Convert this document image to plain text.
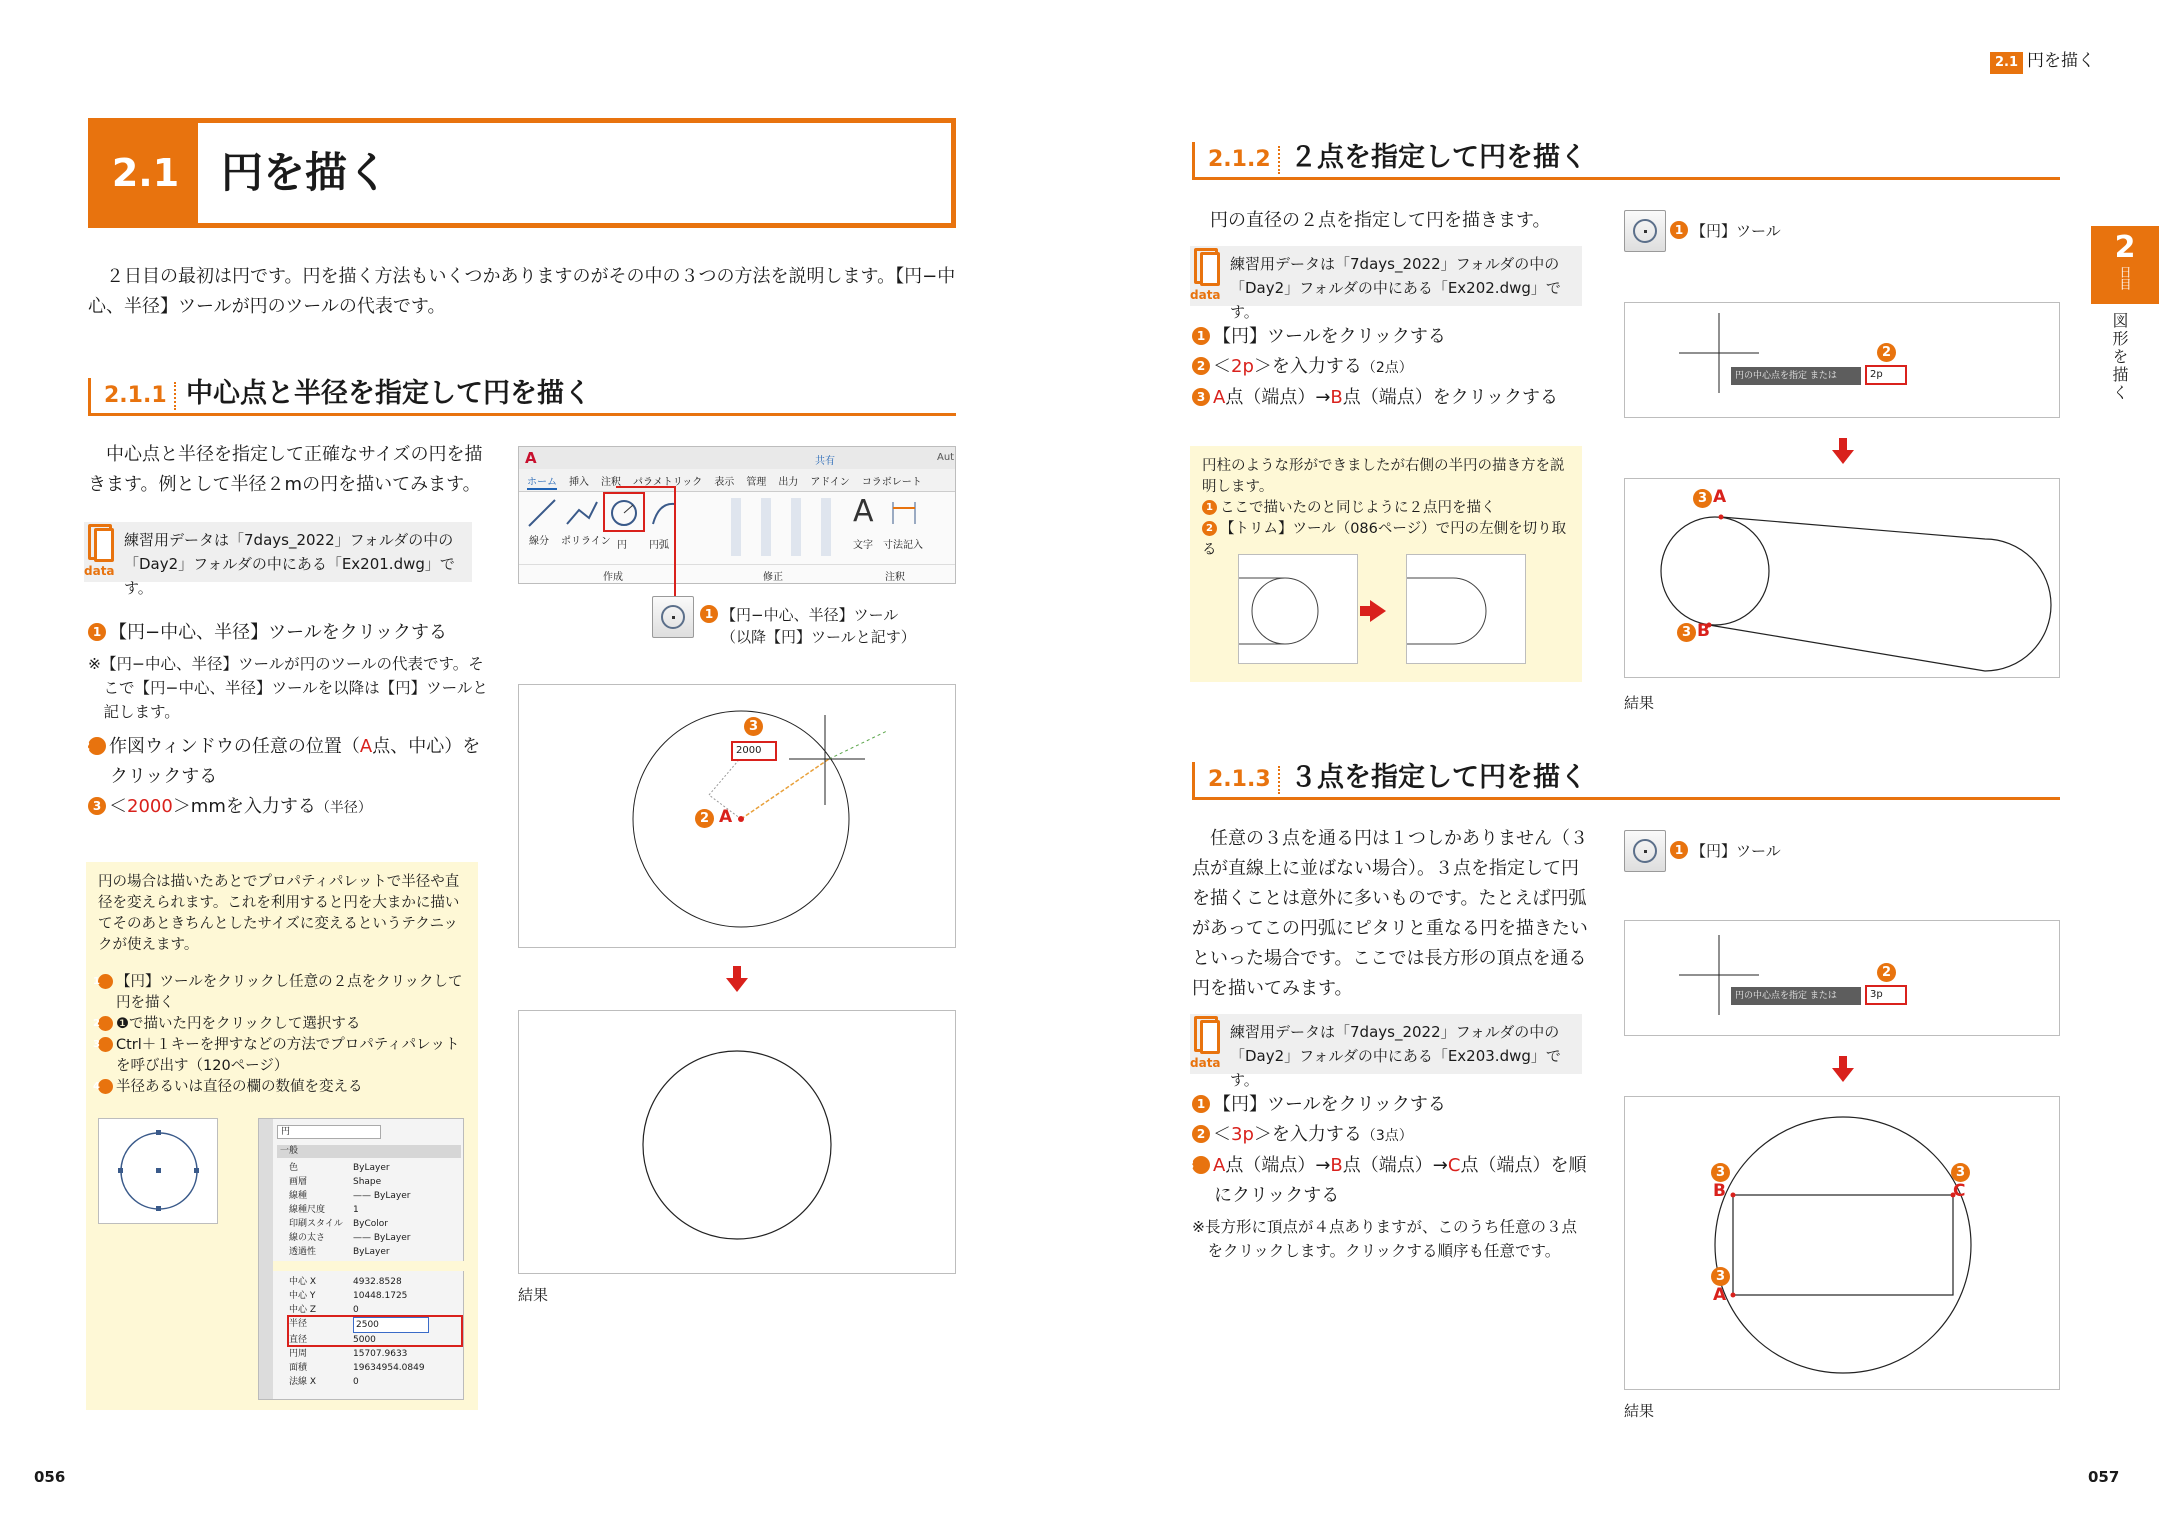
2.1 円を描く
2
日目
図形を描く
2.1 円を描く
２日目の最初は円です。円を描く方法もいくつかありますのがその中の３つの方法を説明します。【円−中心、半径】ツールが円のツールの代表です。
2.1.1 中心点と半径を指定して円を描く
中心点と半径を指定して正確なサイズの円を描きます。例として半径２mの円を描いてみます。
data
練習用データは「7days_2022」フォルダの中の
「Day2」フォルダの中にある「Ex201.dwg」です。
1 【円−中心、半径】ツールをクリックする
※【円−中心、半径】ツールが円のツールの代表です。そこで【円−中心、半径】ツールを以降は【円】ツールと記します。
2 作図ウィンドウの任意の位置（A点、中心）をクリックする
3 ＜2000＞mmを入力する（半径）
円の場合は描いたあとでプロパティパレットで半径や直径を変えられます。これを利用すると円を大まかに描いてそのあときちんとしたサイズに変えるというテクニックが使えます。
1 【円】ツールをクリックし任意の２点をクリックして円を描く
2 ❶で描いた円をクリックして選択する
3 Ctrl＋１キーを押すなどの方法でプロパティパレットを呼び出す（120ページ）
4 半径あるいは直径の欄の数値を変える
円
一般
色	ByLayer
画層	Shape
線種	—— ByLayer
線種尺度	1
印刷スタイル	ByColor
線の太さ	—— ByLayer
透過性	ByLayer
中心 X	4932.8528
中心 Y	10448.1725
中心 Z	0
半径	2500
直径	5000
円周	15707.9633
面積	19634954.0849
法線 X	0
A	共有	Aut
ホーム 挿入 注釈 パラメトリック 表示 管理 出力 アドイン コラボレート
線分 ポリライン 円 円弧
A
文字 寸法記入
作成	修正	注釈
1 【円−中心、半径】ツール
（以降【円】ツールと記す）
2000
3
2 A
結果
2.1.2 ２点を指定して円を描く
円の直径の２点を指定して円を描きます。
data
練習用データは「7days_2022」フォルダの中の
「Day2」フォルダの中にある「Ex202.dwg」です。
1 【円】ツールをクリックする
2 ＜2p＞を入力する（2点）
3 A点（端点）→B点（端点）をクリックする
円柱のような形ができましたが右側の半円の描き方を説明します。
1 ここで描いたのと同じように２点円を描く
2 【トリム】ツール（086ページ）で円の左側を切り取る
1 【円】ツール
円の中心点を指定 または	2p
2
3 A
3 B
結果
2.1.3 ３点を指定して円を描く
任意の３点を通る円は１つしかありません（３点が直線上に並ばない場合）。３点を指定して円を描くことは意外に多いものです。たとえば円弧があってこの円弧にピタリと重なる円を描きたいといった場合です。ここでは長方形の頂点を通る円を描いてみます。
data
練習用データは「7days_2022」フォルダの中の
「Day2」フォルダの中にある「Ex203.dwg」です。
1 【円】ツールをクリックする
2 ＜3p＞を入力する（3点）
3 A点（端点）→B点（端点）→C点（端点）を順にクリックする
※長方形に頂点が４点ありますが、このうち任意の３点をクリックします。クリックする順序も任意です。
1 【円】ツール
円の中心点を指定 または	3p
2
3
B
3
C
3
A
結果
056	057
